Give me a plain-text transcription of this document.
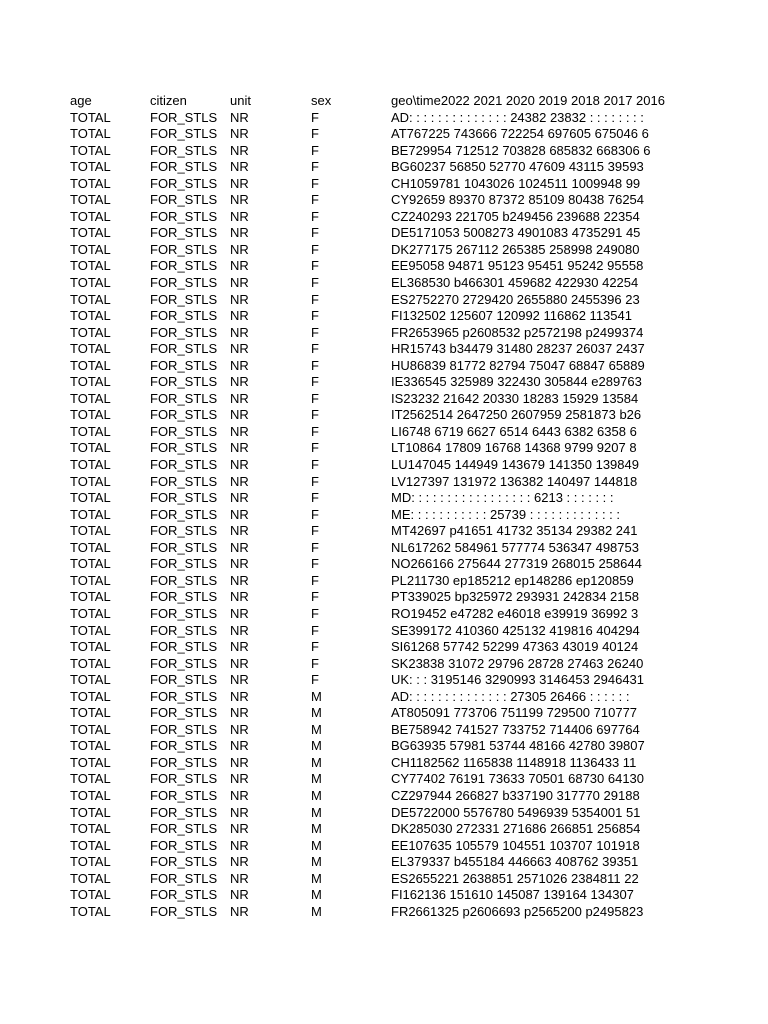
age	citizen	unit	sex	geo\time2022 2021 2020 2019 2018 2017 2016
TOTAL	FOR_STLS NR	F	AD: : : : : : : : : : : : : : 24382 23832 : : : : : : : :
TOTAL	FOR_STLS NR	F	AT767225 743666 722254 697605 675046 6
TOTAL	FOR_STLS NR	F	BE729954 712512 703828 685832 668306 6
TOTAL	FOR_STLS NR	F	BG60237 56850 52770 47609 43115 39593
TOTAL	FOR_STLS NR	F	CH1059781 1043026 1024511 1009948 99
TOTAL	FOR_STLS NR	F	CY92659 89370 87372 85109 80438 76254
TOTAL	FOR_STLS NR	F	CZ240293 221705 b249456 239688 22354
TOTAL	FOR_STLS NR	F	DE5171053 5008273 4901083 4735291 45
TOTAL	FOR_STLS NR	F	DK277175 267112 265385 258998 249080
TOTAL	FOR_STLS NR	F	EE95058 94871 95123 95451 95242 95558
TOTAL	FOR_STLS NR	F	EL368530 b466301 459682 422930 42254
TOTAL	FOR_STLS NR	F	ES2752270 2729420 2655880 2455396 23
TOTAL	FOR_STLS NR	F	FI132502 125607 120992 116862 113541
TOTAL	FOR_STLS NR	F	FR2653965 p2608532 p2572198 p2499374
TOTAL	FOR_STLS NR	F	HR15743 b34479 31480 28237 26037 2437
TOTAL	FOR_STLS NR	F	HU86839 81772 82794 75047 68847 65889
TOTAL	FOR_STLS NR	F	IE336545 325989 322430 305844 e289763
TOTAL	FOR_STLS NR	F	IS23232 21642 20330 18283 15929 13584
TOTAL	FOR_STLS NR	F	IT2562514 2647250 2607959 2581873 b26
TOTAL	FOR_STLS NR	F	LI6748 6719 6627 6514 6443 6382 6358 6
TOTAL	FOR_STLS NR	F	LT10864 17809 16768 14368 9799 9207 8
TOTAL	FOR_STLS NR	F	LU147045 144949 143679 141350 139849
TOTAL	FOR_STLS NR	F	LV127397 131972 136382 140497 144818
TOTAL	FOR_STLS NR	F	MD: : : : : : : : : : : : : : : : : 6213 : : : : : : :
TOTAL	FOR_STLS NR	F	ME: : : : : : : : : : : 25739 : : : : : : : : : : : : :
TOTAL	FOR_STLS NR	F	MT42697 p41651 41732 35134 29382 241
TOTAL	FOR_STLS NR	F	NL617262 584961 577774 536347 498753
TOTAL	FOR_STLS NR	F	NO266166 275644 277319 268015 258644
TOTAL	FOR_STLS NR	F	PL211730 ep185212 ep148286 ep120859
TOTAL	FOR_STLS NR	F	PT339025 bp325972 293931 242834 2158
TOTAL	FOR_STLS NR	F	RO19452 e47282 e46018 e39919 36992 3
TOTAL	FOR_STLS NR	F	SE399172 410360 425132 419816 404294
TOTAL	FOR_STLS NR	F	SI61268 57742 52299 47363 43019 40124
TOTAL	FOR_STLS NR	F	SK23838 31072 29796 28728 27463 26240
TOTAL	FOR_STLS NR	F	UK: : : 3195146 3290993 3146453 2946431
TOTAL	FOR_STLS NR	M	AD: : : : : : : : : : : : : : 27305 26466 : : : : : :
TOTAL	FOR_STLS NR	M	AT805091 773706 751199 729500 710777
TOTAL	FOR_STLS NR	M	BE758942 741527 733752 714406 697764
TOTAL	FOR_STLS NR	M	BG63935 57981 53744 48166 42780 39807
TOTAL	FOR_STLS NR	M	CH1182562 1165838 1148918 1136433 11
TOTAL	FOR_STLS NR	M	CY77402 76191 73633 70501 68730 64130
TOTAL	FOR_STLS NR	M	CZ297944 266827 b337190 317770 29188
TOTAL	FOR_STLS NR	M	DE5722000 5576780 5496939 5354001 51
TOTAL	FOR_STLS NR	M	DK285030 272331 271686 266851 256854
TOTAL	FOR_STLS NR	M	EE107635 105579 104551 103707 101918
TOTAL	FOR_STLS NR	M	EL379337 b455184 446663 408762 39351
TOTAL	FOR_STLS NR	M	ES2655221 2638851 2571026 2384811 22
TOTAL	FOR_STLS NR	M	FI162136 151610 145087 139164 134307
TOTAL	FOR_STLS NR	M	FR2661325 p2606693 p2565200 p2495823
